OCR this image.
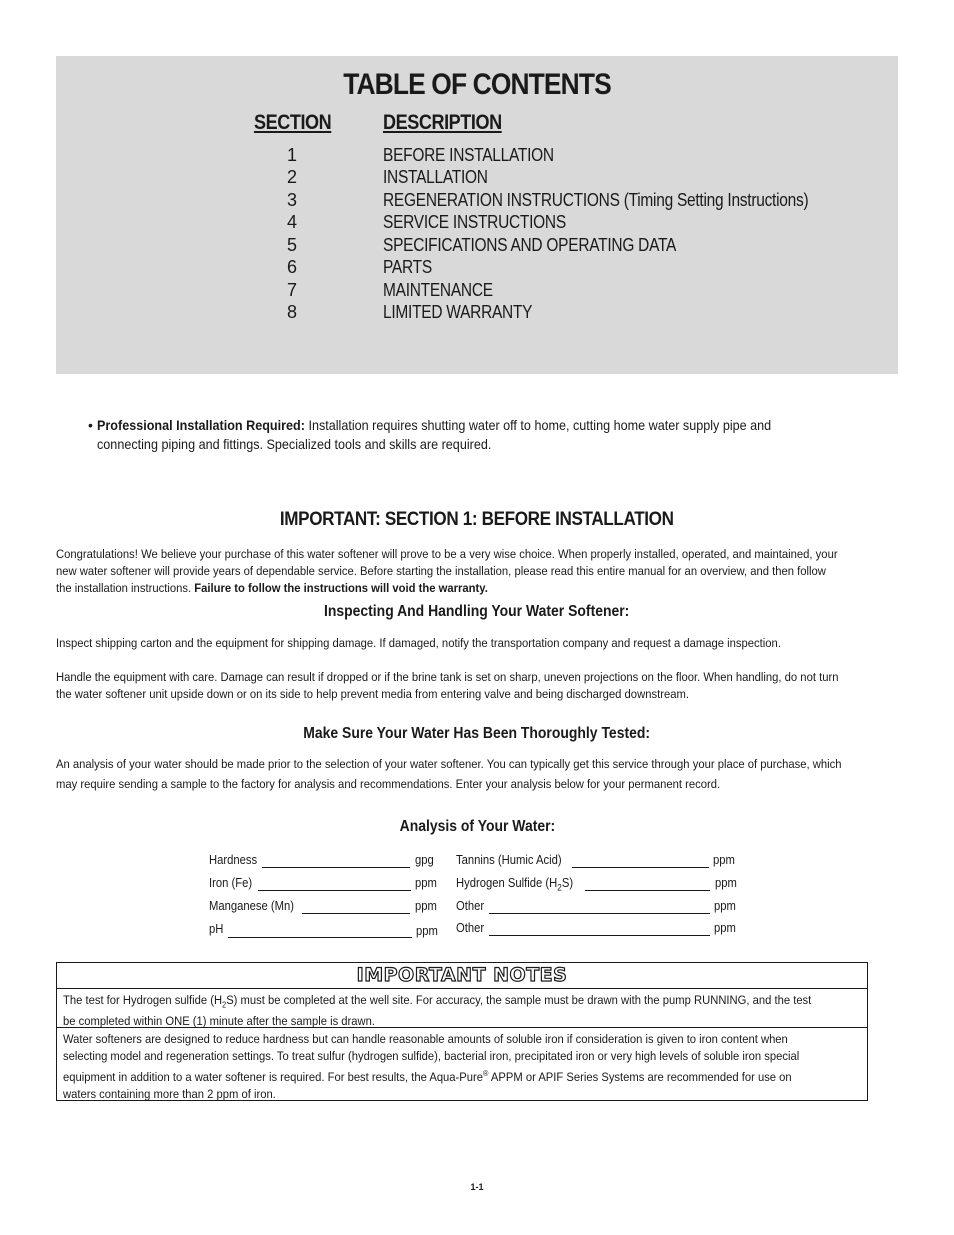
TABLE OF CONTENTS
SECTION DESCRIPTION
1	BEFORE INSTALLATION
2	INSTALLATION
3	REGENERATION INSTRUCTIONS (Timing Setting Instructions)
4	SERVICE INSTRUCTIONS
5	SPECIFICATIONS AND OPERATING DATA
6	PARTS
7	MAINTENANCE
8	LIMITED WARRANTY
• Professional Installation Required: Installation requires shutting water off to home, cutting home water supply pipe and
connecting piping and fittings. Specialized tools and skills are required.
IMPORTANT: SECTION 1: BEFORE INSTALLATION
Congratulations! We believe your purchase of this water softener will prove to be a very wise choice. When properly installed, operated, and maintained, your
new water softener will provide years of dependable service. Before starting the installation, please read this entire manual for an overview, and then follow
the installation instructions. Failure to follow the instructions will void the warranty.
Inspecting And Handling Your Water Softener:
Inspect shipping carton and the equipment for shipping damage. If damaged, notify the transportation company and request a damage inspection.
Handle the equipment with care. Damage can result if dropped or if the brine tank is set on sharp, uneven projections on the floor. When handling, do not turn
the water softener unit upside down or on its side to help prevent media from entering valve and being discharged downstream.
Make Sure Your Water Has Been Thoroughly Tested:
An analysis of your water should be made prior to the selection of your water softener. You can typically get this service through your place of purchase, which
may require sending a sample to the factory for analysis and recommendations. Enter your analysis below for your permanent record.
Analysis of Your Water:
Hardness	gpg
Iron (Fe)	ppm
Manganese (Mn)	ppm
pH	ppm
Tannins (Humic Acid)	ppm
Hydrogen Sulfide $(H_2S)$	ppm
Other	ppm
Other	ppm
IMPORTANT NOTES
The test for Hydrogen sulfide $(H_2S)$ must be completed at the well site. For accuracy, the sample must be drawn with the pump RUNNING, and the test
be completed within ONE (1) minute after the sample is drawn.
Water softeners are designed to reduce hardness but can handle reasonable amounts of soluble iron if consideration is given to iron content when
selecting model and regeneration settings. To treat sulfur (hydrogen sulfide), bacterial iron, precipitated iron or very high levels of soluble iron special
equipment in addition to a water softener is required. For best results, the Aqua-Pure® APPM or APIF Series Systems are recommended for use on
waters containing more than 2 ppm of iron.
1-1
